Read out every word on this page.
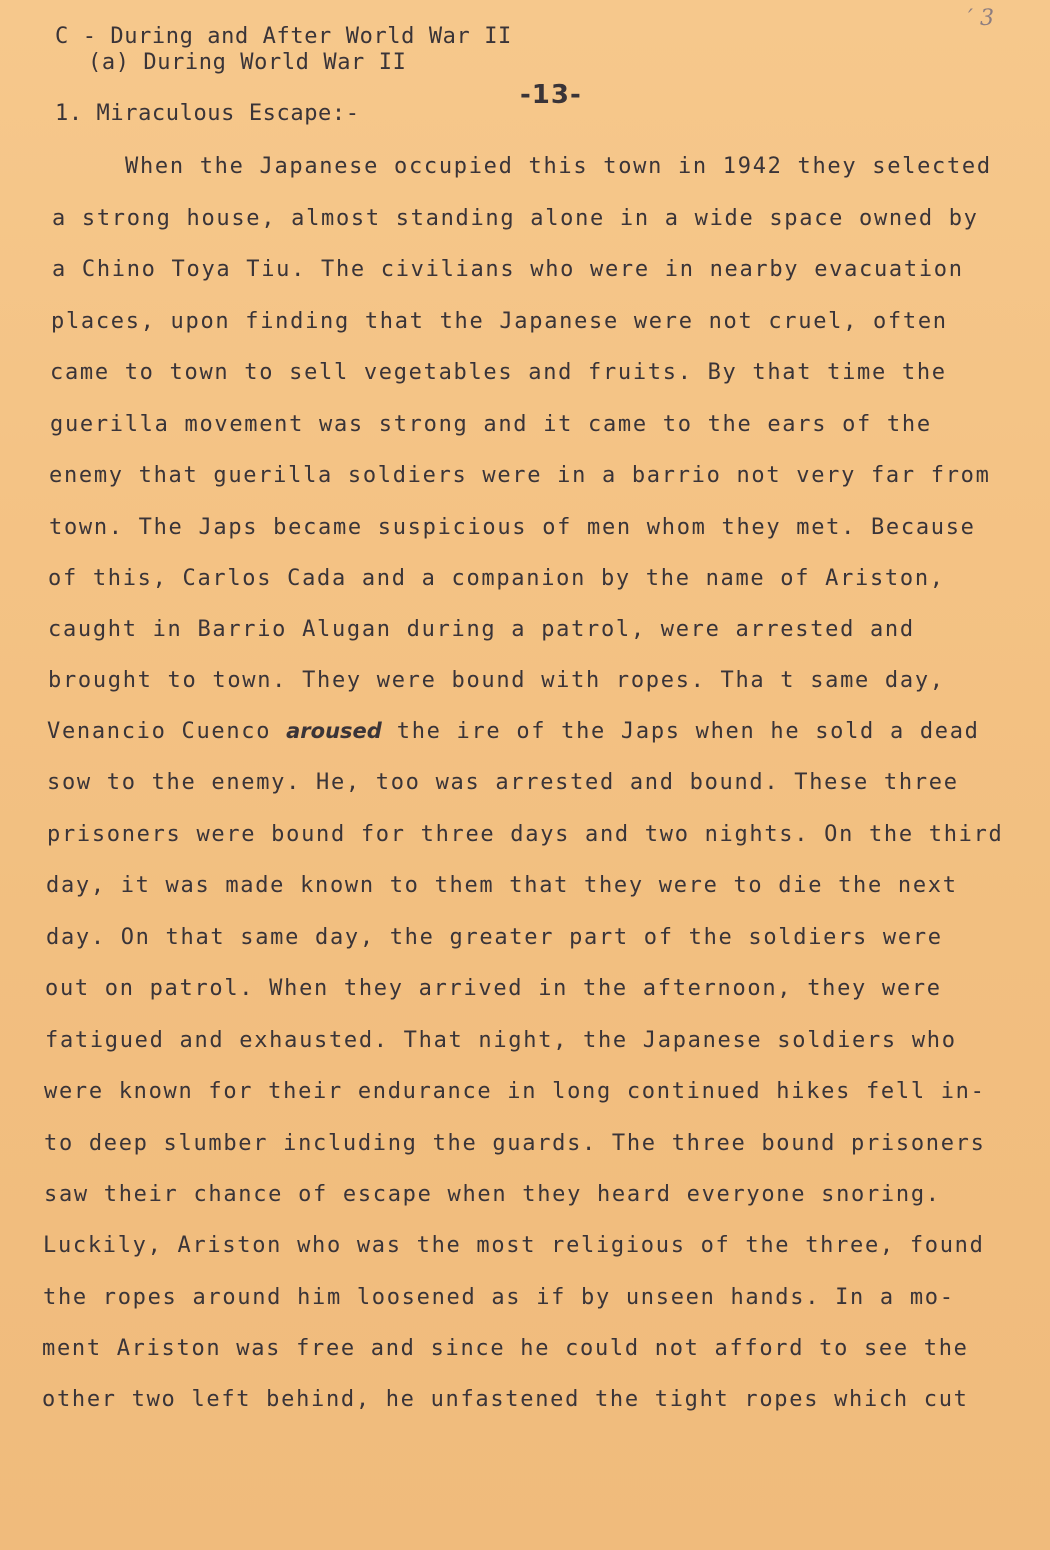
′ 3
C - During and After World War II
(a) During World War II
-13-
1. Miraculous Escape:-
When the Japanese occupied this town in 1942 they selected
a strong house, almost standing alone in a wide space owned by
a Chino Toya Tiu. The civilians who were in nearby evacuation
places, upon finding that the Japanese were not cruel, often
came to town to sell vegetables and fruits. By that time the
guerilla movement was strong and it came to the ears of the
enemy that guerilla soldiers were in a barrio not very far from
town. The Japs became suspicious of men whom they met. Because
of this, Carlos Cada and a companion by the name of Ariston,
caught in Barrio Alugan during a patrol, were arrested and
brought to town. They were bound with ropes. Tha t same day,
Venancio Cuenco aroused the ire of the Japs when he sold a dead
sow to the enemy. He, too was arrested and bound. These three
prisoners were bound for three days and two nights. On the third
day, it was made known to them that they were to die the next
day. On that same day, the greater part of the soldiers were
out on patrol. When they arrived in the afternoon, they were
fatigued and exhausted. That night, the Japanese soldiers who
were known for their endurance in long continued hikes fell in-
to deep slumber including the guards. The three bound prisoners
saw their chance of escape when they heard everyone snoring.
Luckily, Ariston who was the most religious of the three, found
the ropes around him loosened as if by unseen hands. In a mo-
ment Ariston was free and since he could not afford to see the
other two left behind, he unfastened the tight ropes which cut
